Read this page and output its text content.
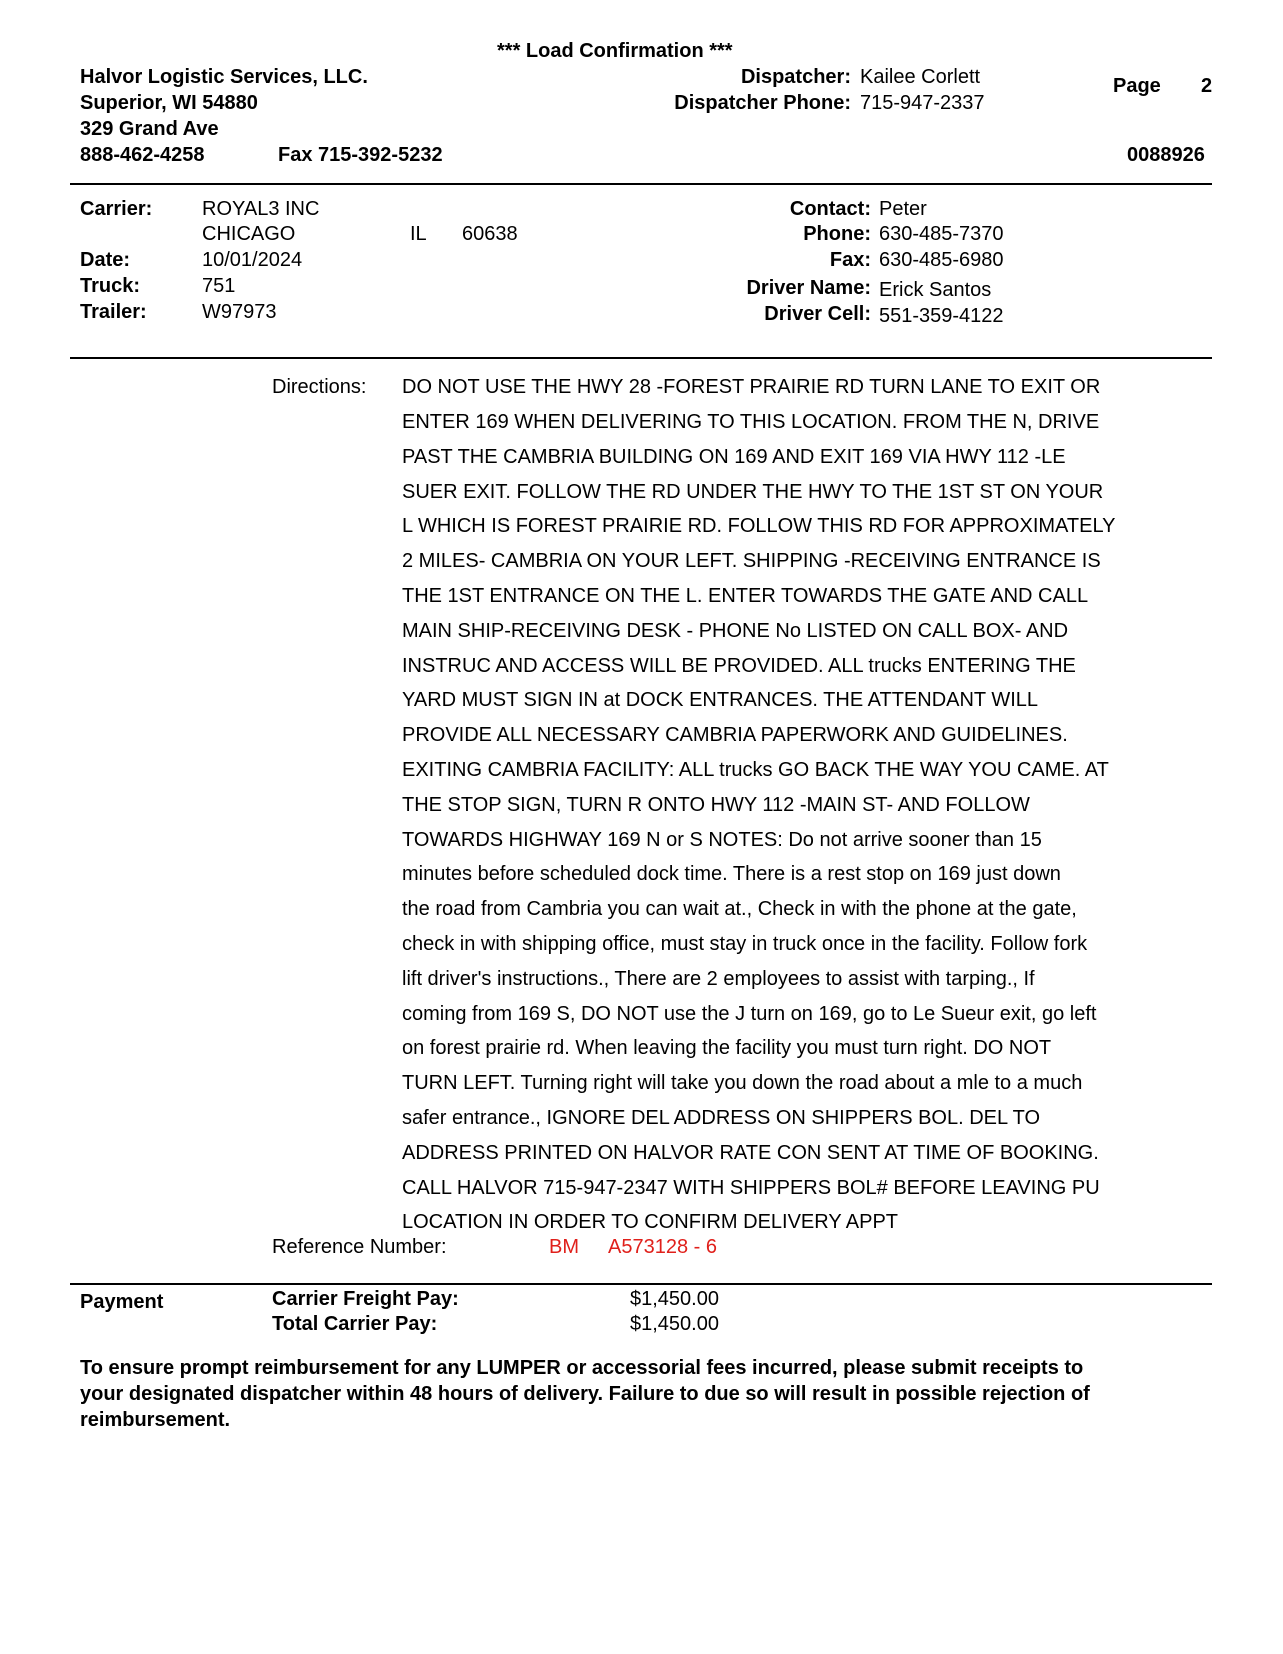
*** Load Confirmation ***
Halvor Logistic Services, LLC.
Superior, WI 54880
329 Grand Ave
888-462-4258	Fax 715-392-5232
Dispatcher: Kailee Corlett
Dispatcher Phone: 715-947-2337
Page 2
0088926
Carrier: ROYAL3 INC
CHICAGO	IL 60638
Date:	10/01/2024
Truck:	751
Trailer:	W97973
Contact: Peter
Phone: 630-485-7370
Fax: 630-485-6980
Driver Name: Erick Santos
Driver Cell: 551-359-4122
Directions: DO NOT USE THE HWY 28 -FOREST PRAIRIE RD TURN LANE TO EXIT OR
ENTER 169 WHEN DELIVERING TO THIS LOCATION. FROM THE N, DRIVE
PAST THE CAMBRIA BUILDING ON 169 AND EXIT 169 VIA HWY 112 -LE
SUER EXIT. FOLLOW THE RD UNDER THE HWY TO THE 1ST ST ON YOUR
L WHICH IS FOREST PRAIRIE RD. FOLLOW THIS RD FOR APPROXIMATELY
2 MILES- CAMBRIA ON YOUR LEFT. SHIPPING -RECEIVING ENTRANCE IS
THE 1ST ENTRANCE ON THE L. ENTER TOWARDS THE GATE AND CALL
MAIN SHIP-RECEIVING DESK - PHONE No LISTED ON CALL BOX- AND
INSTRUC AND ACCESS WILL BE PROVIDED. ALL trucks ENTERING THE
YARD MUST SIGN IN at DOCK ENTRANCES. THE ATTENDANT WILL
PROVIDE ALL NECESSARY CAMBRIA PAPERWORK AND GUIDELINES.
EXITING CAMBRIA FACILITY: ALL trucks GO BACK THE WAY YOU CAME. AT
THE STOP SIGN, TURN R ONTO HWY 112 -MAIN ST- AND FOLLOW
TOWARDS HIGHWAY 169 N or S NOTES: Do not arrive sooner than 15
minutes before scheduled dock time. There is a rest stop on 169 just down
the road from Cambria you can wait at., Check in with the phone at the gate,
check in with shipping office, must stay in truck once in the facility. Follow fork
lift driver's instructions., There are 2 employees to assist with tarping., If
coming from 169 S, DO NOT use the J turn on 169, go to Le Sueur exit, go left
on forest prairie rd. When leaving the facility you must turn right. DO NOT
TURN LEFT. Turning right will take you down the road about a mle to a much
safer entrance., IGNORE DEL ADDRESS ON SHIPPERS BOL. DEL TO
ADDRESS PRINTED ON HALVOR RATE CON SENT AT TIME OF BOOKING.
CALL HALVOR 715-947-2347 WITH SHIPPERS BOL# BEFORE LEAVING PU
LOCATION IN ORDER TO CONFIRM DELIVERY APPT
Reference Number:	BM A573128 - 6
Payment	Carrier Freight Pay:	$1,450.00
Total Carrier Pay:	$1,450.00
To ensure prompt reimbursement for any LUMPER or accessorial fees incurred, please submit receipts to
your designated dispatcher within 48 hours of delivery. Failure to due so will result in possible rejection of
reimbursement.
